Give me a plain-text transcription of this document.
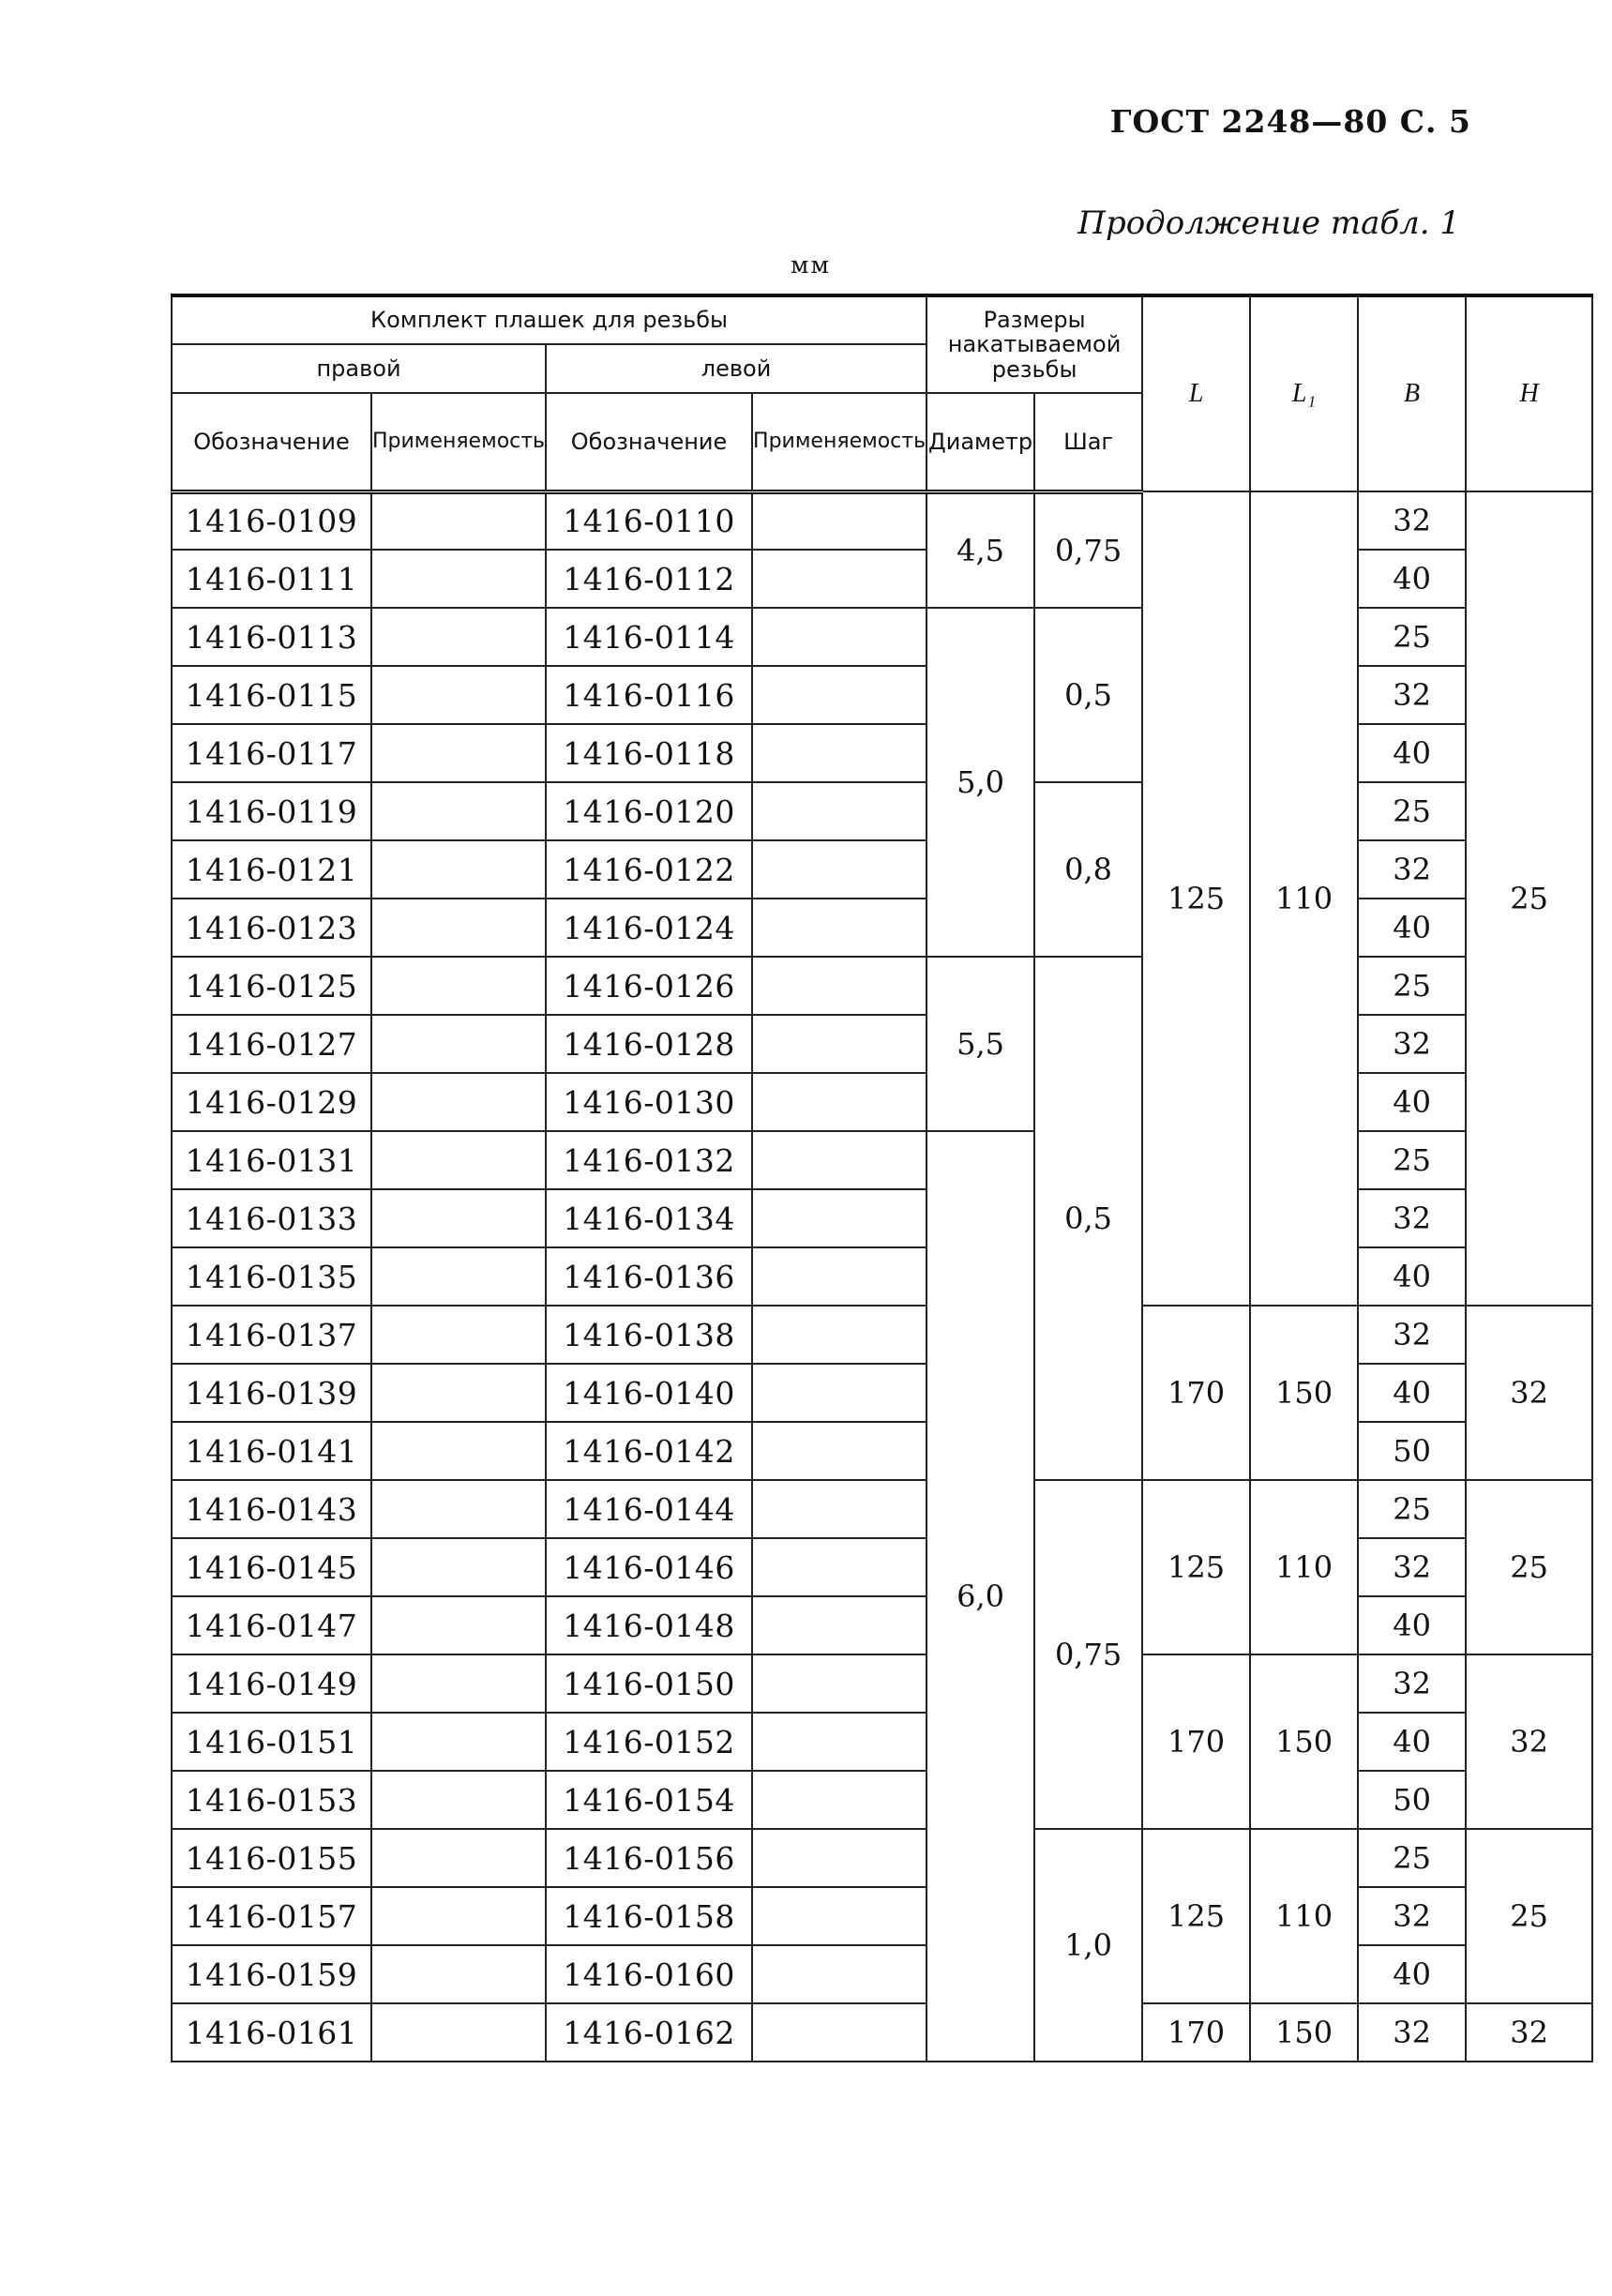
ГОСТ 2248—80 С. 5
Продолжение табл. 1
мм
Комплект плашек для резьбы				Размеры накатываемой резьбы		L	L₁	B	H
правой		левой							
Обозначение	Применяемость	Обозначение	Применяемость	Диаметр	Шаг				
1416-0109		1416-0110		4,5	0,75	125	110	32	25
1416-0111		1416-0112						40	
1416-0113		1416-0114		5,0	0,5			25	
1416-0115		1416-0116						32	
1416-0117		1416-0118						40	
1416-0119		1416-0120			0,8			25	
1416-0121		1416-0122						32	
1416-0123		1416-0124						40	
1416-0125		1416-0126		5,5	0,5			25	
1416-0127		1416-0128						32	
1416-0129		1416-0130						40	
1416-0131		1416-0132		6,0				25	
1416-0133		1416-0134						32	
1416-0135		1416-0136						40	
1416-0137		1416-0138				170	150	32	32
1416-0139		1416-0140						40	
1416-0141		1416-0142						50	
1416-0143		1416-0144			0,75	125	110	25	25
1416-0145		1416-0146						32	
1416-0147		1416-0148						40	
1416-0149		1416-0150				170	150	32	32
1416-0151		1416-0152						40	
1416-0153		1416-0154						50	
1416-0155		1416-0156			1,0	125	110	25	25
1416-0157		1416-0158						32	
1416-0159		1416-0160						40	
1416-0161		1416-0162				170	150	32	32
